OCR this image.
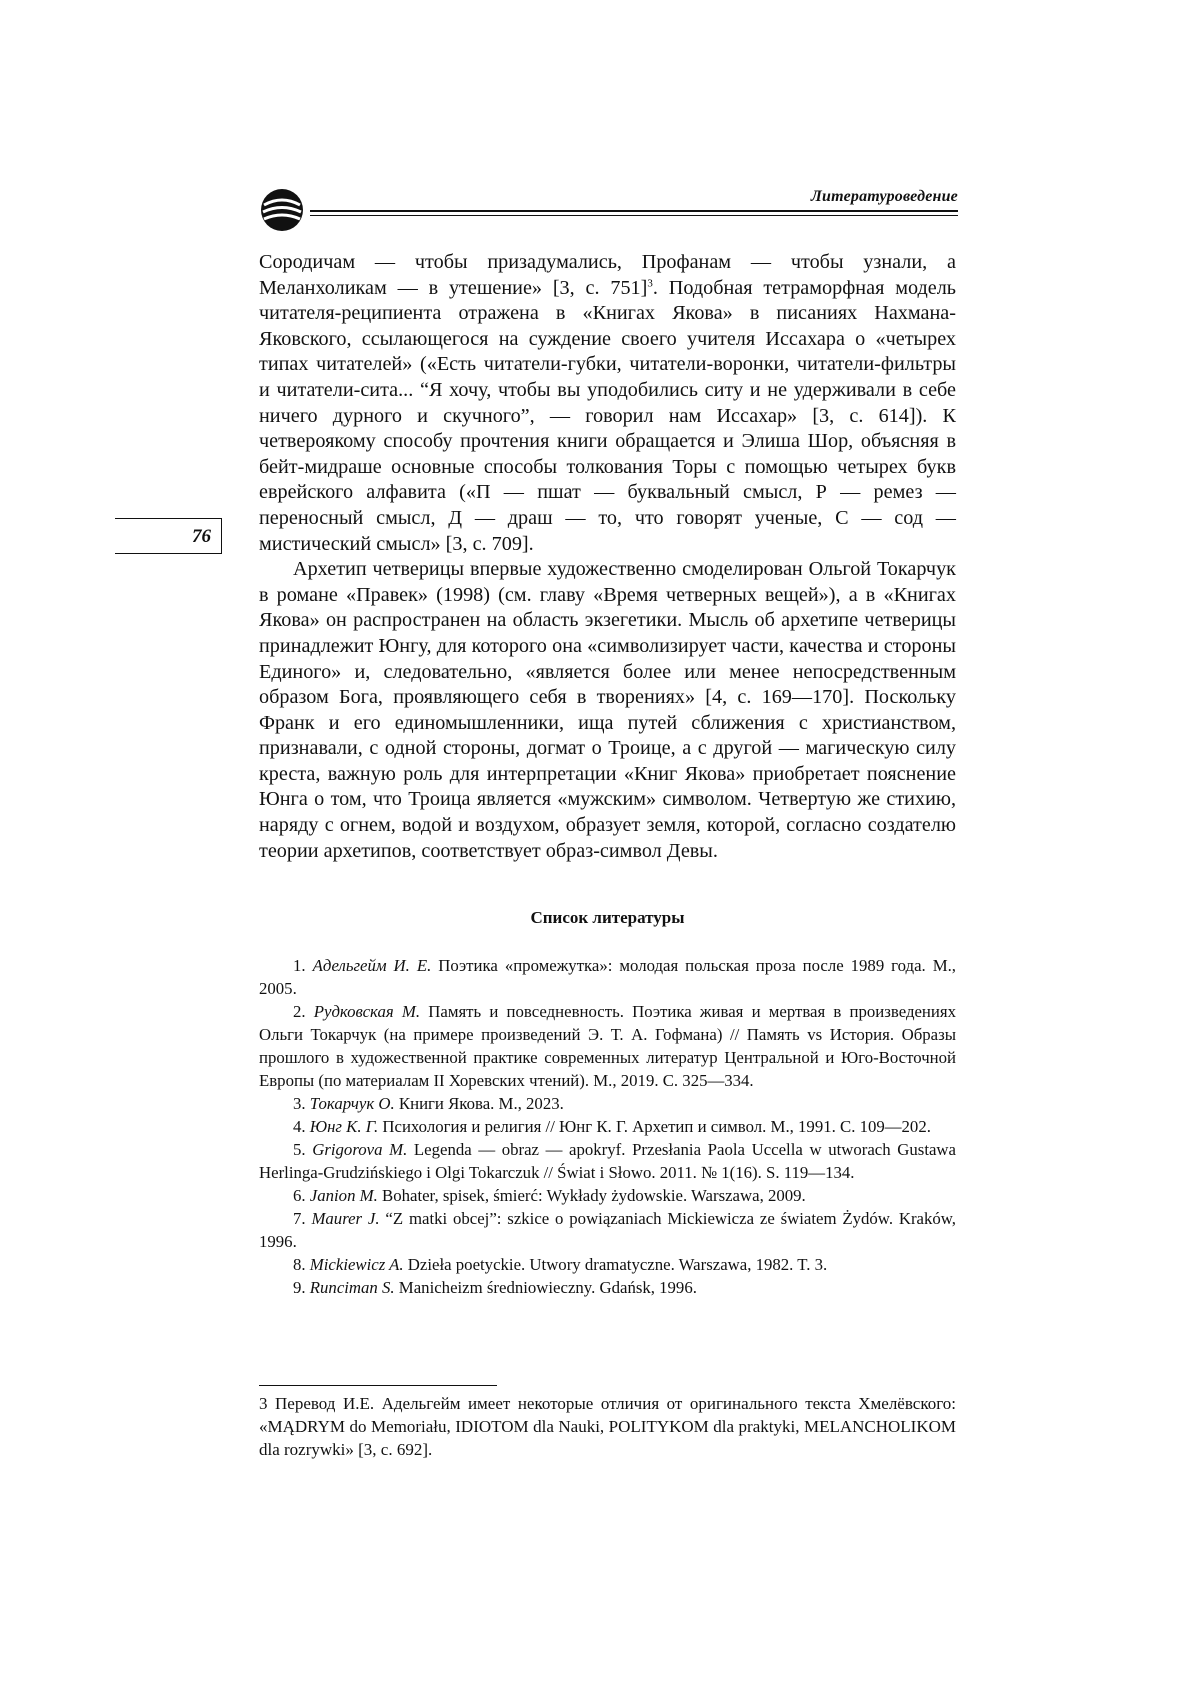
Литературоведение
76

Сородичам — чтобы призадумались, Профанам — чтобы узнали, а Меланхоликам — в утешение» [3, с. 751]$^3$. Подобная тетраморфная модель читателя-реципиента отражена в «Книгах Якова» в писаниях Нахмана-Яковского, ссылающегося на суждение своего учителя Иссахара о «четырех типах читателей» («Есть читатели-губки, читатели-воронки, читатели-фильтры и читатели-сита... “Я хочу, чтобы вы уподобились ситу и не удерживали в себе ничего дурного и скучного”, — говорил нам Иссахар» [3, с. 614]). К четвероякому способу прочтения книги обращается и Элиша Шор, объясняя в бейт-мидраше основные способы толкования Торы с помощью четырех букв еврейского алфавита («П — пшат — буквальный смысл, Р — ремез — переносный смысл, Д — драш — то, что говорят ученые, С — сод — мистический смысл» [3, с. 709].

Архетип четверицы впервые художественно смоделирован Ольгой Токарчук в романе «Правек» (1998) (см. главу «Время четверных вещей»), а в «Книгах Якова» он распространен на область экзегетики. Мысль об архетипе четверицы принадлежит Юнгу, для которого она «символизирует части, качества и стороны Единого» и, следовательно, «является более или менее непосредственным образом Бога, проявляющего себя в творениях» [4, с. 169—170]. Поскольку Франк и его единомышленники, ища путей сближения с христианством, признавали, с одной стороны, догмат о Троице, а с другой — магическую силу креста, важную роль для интерпретации «Книг Якова» приобретает пояснение Юнга о том, что Троица является «мужским» символом. Четвертую же стихию, наряду с огнем, водой и воздухом, образует земля, которой, согласно создателю теории архетипов, соответствует образ-символ Девы.

Список литературы

1. Адельгейм И. Е. Поэтика «промежутка»: молодая польская проза после 1989 года. М., 2005.

2. Рудковская М. Память и повседневность. Поэтика живая и мертвая в произведениях Ольги Токарчук (на примере произведений Э. Т. А. Гофмана) // Память vs История. Образы прошлого в художественной практике современных литератур Центральной и Юго-Восточной Европы (по материалам II Хоревских чтений). М., 2019. С. 325—334.

3. Токарчук О. Книги Якова. М., 2023.

4. Юнг К. Г. Психология и религия // Юнг К. Г. Архетип и символ. М., 1991. С. 109—202.

5. Grigorova M. Legenda — obraz — apokryf. Przesłania Paola Uccella w utworach Gustawa Herlinga-Grudzińskiego i Olgi Tokarczuk // Świat i Słowo. 2011. № 1(16). S. 119—134.

6. Janion M. Bohater, spisek, śmierć: Wykłady żydowskie. Warszawa, 2009.

7. Maurer J. “Z matki obcej”: szkice o powiązaniach Mickiewicza ze światem Żydów. Kraków, 1996.

8. Mickiewicz A. Dzieła poetyckie. Utwory dramatyczne. Warszawa, 1982. T. 3.

9. Runciman S. Manicheizm średniowieczny. Gdańsk, 1996.

3 Перевод И.Е. Адельгейм имеет некоторые отличия от оригинального текста Хмелёвского: «MĄDRYM do Memoriału, IDIOTOM dla Nauki, POLITYKOM dla praktyki, MELANCHOLIKOM dla rozrywki» [3, с. 692].
